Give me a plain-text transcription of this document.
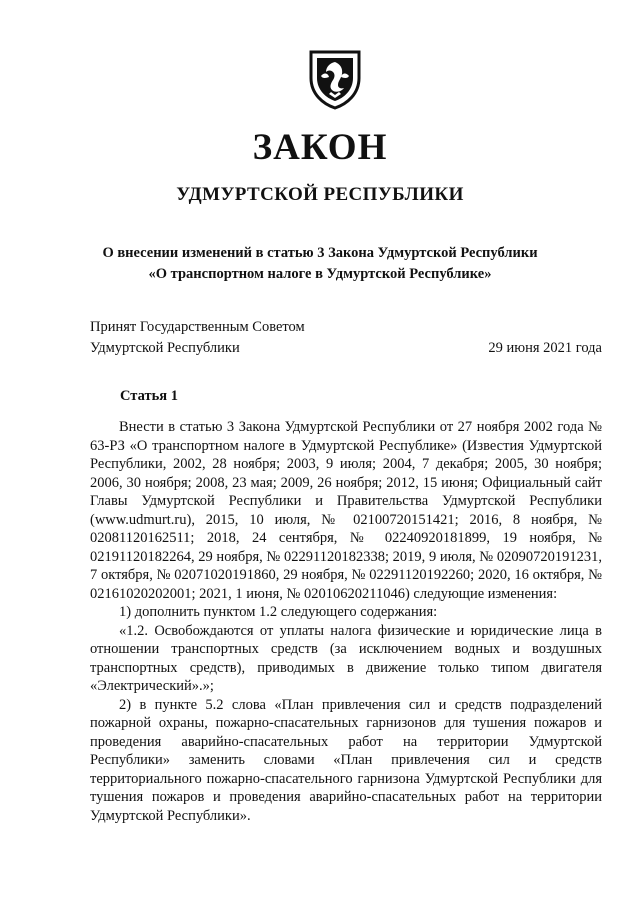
ЗАКОН
УДМУРТСКОЙ РЕСПУБЛИКИ
О внесении изменений в статью 3 Закона Удмуртской Республики
«О транспортном налоге в Удмуртской Республике»
Принят Государственным Советом
Удмуртской Республики	29 июня 2021 года
Статья 1

Внести в статью 3 Закона Удмуртской Республики от 27 ноября 2002 года № 63-РЗ «О транспортном налоге в Удмуртской Республике» (Известия Удмуртской Республики, 2002, 28 ноября; 2003, 9 июля; 2004, 7 декабря; 2005, 30 ноября; 2006, 30 ноября; 2008, 23 мая; 2009, 26 ноября; 2012, 15 июня; Официальный сайт Главы Удмуртской Республики и Правительства Удмуртской Республики (www.udmurt.ru), 2015, 10 июля, № 02100720151421; 2016, 8 ноября, № 02081120162511; 2018, 24 сентября, № 02240920181899, 19 ноября, № 02191120182264, 29 ноября, № 02291120182338; 2019, 9 июля, № 02090720191231, 7 октября, № 02071020191860, 29 ноября, № 02291120192260; 2020, 16 октября, № 02161020202001; 2021, 1 июня, № 02010620211046) следующие изменения:

1) дополнить пунктом 1.2 следующего содержания:

«1.2. Освобождаются от уплаты налога физические и юридические лица в отношении транспортных средств (за исключением водных и воздушных транспортных средств), приводимых в движение только типом двигателя «Электрический».»;

2) в пункте 5.2 слова «План привлечения сил и средств подразделений пожарной охраны, пожарно-спасательных гарнизонов для тушения пожаров и проведения аварийно-спасательных работ на территории Удмуртской Республики» заменить словами «План привлечения сил и средств территориального пожарно-спасательного гарнизона Удмуртской Республики для тушения пожаров и проведения аварийно-спасательных работ на территории Удмуртской Республики».
